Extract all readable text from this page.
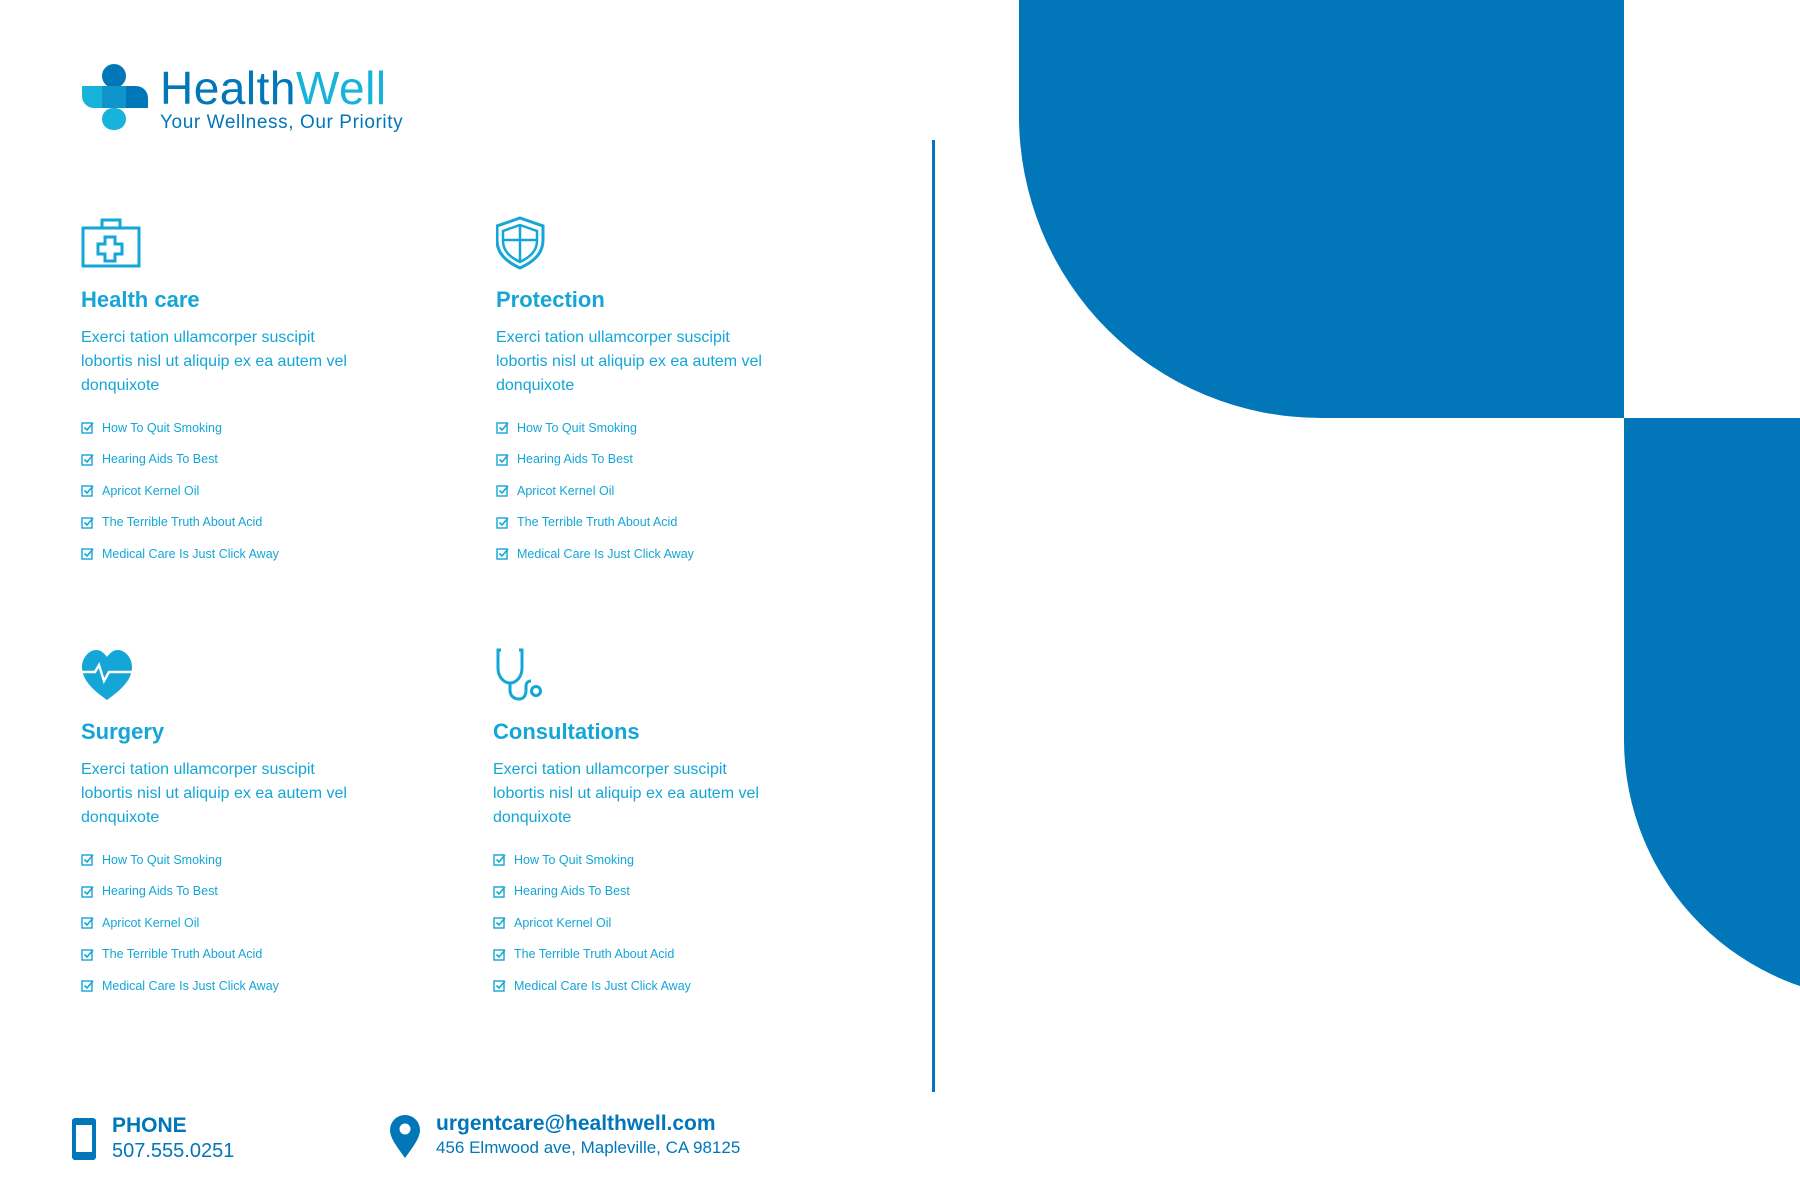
HealthWell
Your Wellness, Our Priority
Health care

Exerci tation ullamcorper suscipit lobortis nisl ut aliquip ex ea autem vel donquixote

How To Quit Smoking
Hearing Aids To Best
Apricot Kernel Oil
The Terrible Truth About Acid
Medical Care Is Just Click Away
Protection

Exerci tation ullamcorper suscipit lobortis nisl ut aliquip ex ea autem vel donquixote

How To Quit Smoking
Hearing Aids To Best
Apricot Kernel Oil
The Terrible Truth About Acid
Medical Care Is Just Click Away
Surgery

Exerci tation ullamcorper suscipit lobortis nisl ut aliquip ex ea autem vel donquixote

How To Quit Smoking
Hearing Aids To Best
Apricot Kernel Oil
The Terrible Truth About Acid
Medical Care Is Just Click Away
Consultations

Exerci tation ullamcorper suscipit lobortis nisl ut aliquip ex ea autem vel donquixote

How To Quit Smoking
Hearing Aids To Best
Apricot Kernel Oil
The Terrible Truth About Acid
Medical Care Is Just Click Away
PHONE
507.555.0251
urgentcare@healthwell.com
456 Elmwood ave, Mapleville, CA 98125
